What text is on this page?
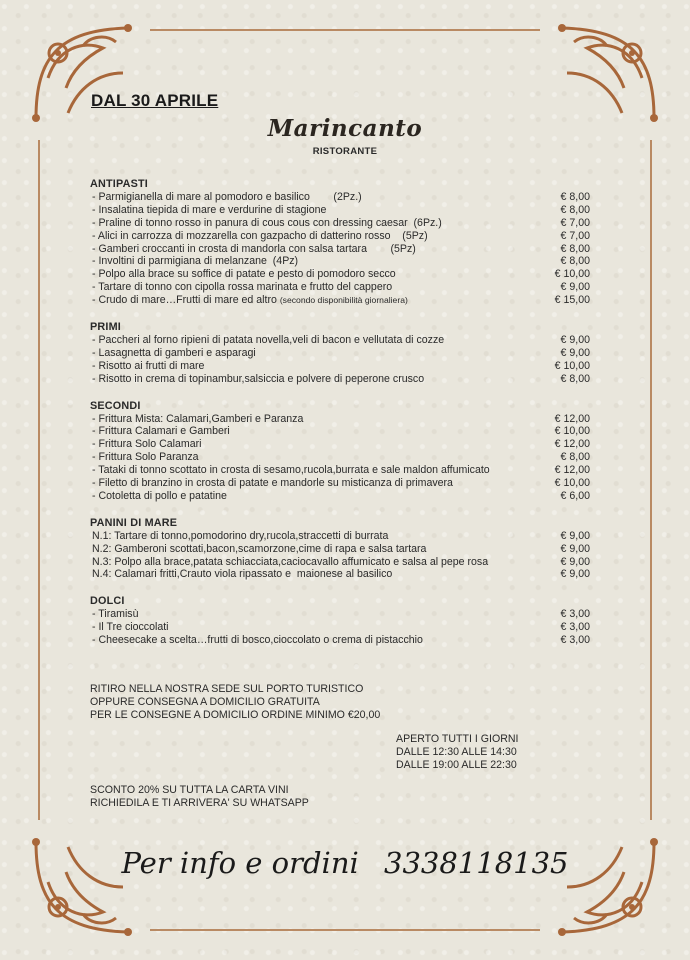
DAL 30 APRILE
Marincanto
RISTORANTE
ANTIPASTI
- Parmigianella di mare al pomodoro e basilico        (2Pz.)	€ 8,00
- Insalatina tiepida di mare e verdurine di stagione	€ 8,00
- Praline di tonno rosso in panura di cous cous con dressing caesar  (6Pz.)	€ 7,00
- Alici in carrozza di mozzarella con gazpacho di datterino rosso    (5Pz)	€ 7,00
- Gamberi croccanti in crosta di mandorla con salsa tartara        (5Pz)	€ 8,00
- Involtini di parmigiana di melanzane  (4Pz)	€ 8,00
- Polpo alla brace su soffice di patate e pesto di pomodoro secco	€ 10,00
- Tartare di tonno con cipolla rossa marinata e frutto del cappero	€ 9,00
- Crudo di mare…Frutti di mare ed altro (secondo disponibilità giornaliera)	€ 15,00
PRIMI
- Paccheri al forno ripieni di patata novella,veli di bacon e vellutata di cozze	€ 9,00
- Lasagnetta di gamberi e asparagi	€ 9,00
- Risotto ai frutti di mare	€ 10,00
- Risotto in crema di topinambur,salsiccia e polvere di peperone crusco	€ 8,00
SECONDI
- Frittura Mista: Calamari,Gamberi e Paranza	€ 12,00
- Frittura Calamari e Gamberi	€ 10,00
- Frittura Solo Calamari	€ 12,00
- Frittura Solo Paranza	€ 8,00
- Tataki di tonno scottato in crosta di sesamo,rucola,burrata e sale maldon affumicato	€ 12,00
- Filetto di branzino in crosta di patate e mandorle su misticanza di primavera	€ 10,00
- Cotoletta di pollo e patatine	€ 6,00
PANINI DI MARE
N.1: Tartare di tonno,pomodorino dry,rucola,straccetti di burrata	€ 9,00
N.2: Gamberoni scottati,bacon,scamorzone,cime di rapa e salsa tartara	€ 9,00
N.3: Polpo alla brace,patata schiacciata,caciocavallo affumicato e salsa al pepe rosa	€ 9,00
N.4: Calamari fritti,Crauto viola ripassato e  maionese al basilico	€ 9,00
DOLCI
- Tiramisù	€ 3,00
- Il Tre cioccolati	€ 3,00
- Cheesecake a scelta…frutti di bosco,cioccolato o crema di pistacchio	€ 3,00
RITIRO NELLA NOSTRA SEDE SUL PORTO TURISTICO
OPPURE CONSEGNA A DOMICILIO GRATUITA
PER LE CONSEGNE A DOMICILIO ORDINE MINIMO €20,00
APERTO TUTTI I GIORNI
DALLE 12:30 ALLE 14:30
DALLE 19:00 ALLE 22:30
SCONTO 20% SU TUTTA LA CARTA VINI
RICHIEDILA E TI ARRIVERA' SU WHATSAPP
Per info e ordini 3338118135
